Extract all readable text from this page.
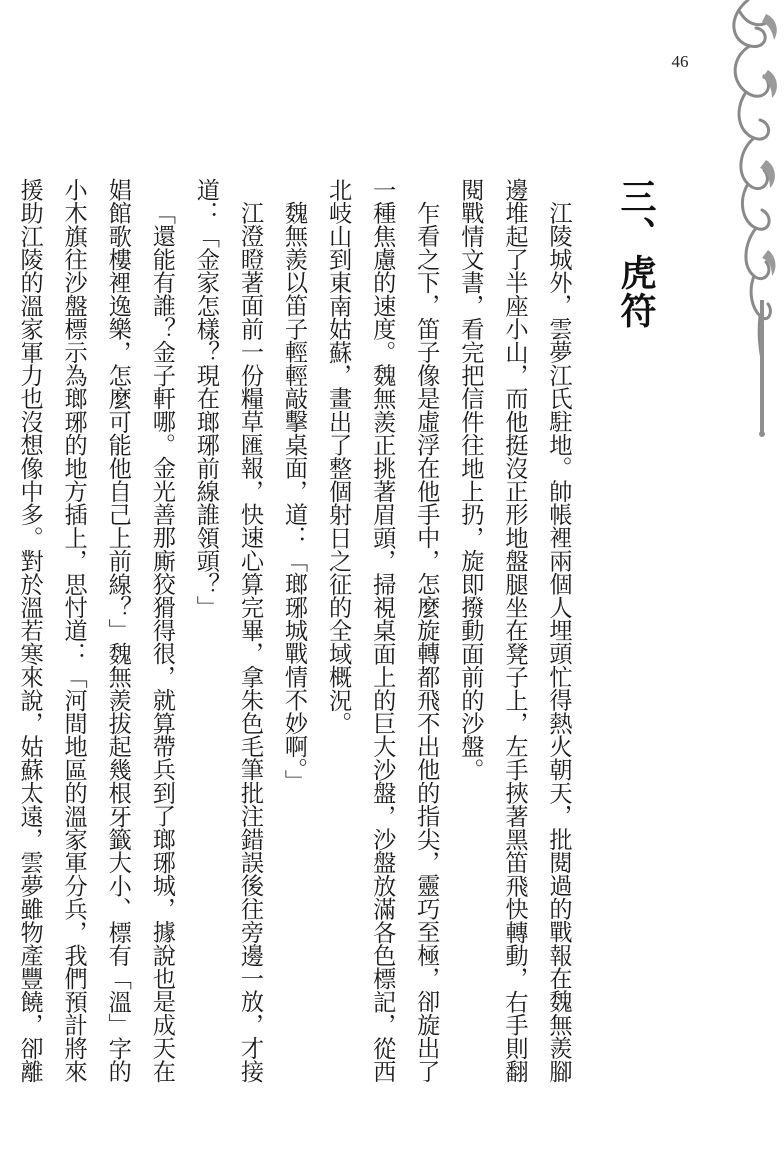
46
三、虎符

江陵城外，雲夢江氏駐地。帥帳裡兩個人埋頭忙得熱火朝天，批閱過的戰報在魏無羨腳邊堆起了半座小山，而他挺沒正形地盤腿坐在凳子上，左手挾著黑笛飛快轉動，右手則翻閱戰情文書，看完把信件往地上扔，旋即撥動面前的沙盤。

乍看之下，笛子像是虛浮在他手中，怎麼旋轉都飛不出他的指尖，靈巧至極，卻旋出了一種焦慮的速度。魏無羨正挑著眉頭，掃視桌面上的巨大沙盤，沙盤放滿各色標記，從西北岐山到東南姑蘇，畫出了整個射日之征的全域概況。

魏無羨以笛子輕輕敲擊桌面，道：「瑯琊城戰情不妙啊。」

江澄瞪著面前一份糧草匯報，快速心算完畢，拿朱色毛筆批注錯誤後往旁邊一放，才接道：「金家怎樣？現在瑯琊前線誰領頭？」

「還能有誰？金子軒哪。金光善那廝狡猾得很，就算帶兵到了瑯琊城，據說也是成天在娼館歌樓裡逸樂，怎麼可能他自己上前線？」魏無羨拔起幾根牙籤大小、標有「溫」字的小木旗往沙盤標示為瑯琊的地方插上，思忖道：「河間地區的溫家軍分兵，我們預計將來援助江陵的溫家軍力也沒想像中多。對於溫若寒來說，姑蘇太遠，雲夢雖物產豐饒，卻離
